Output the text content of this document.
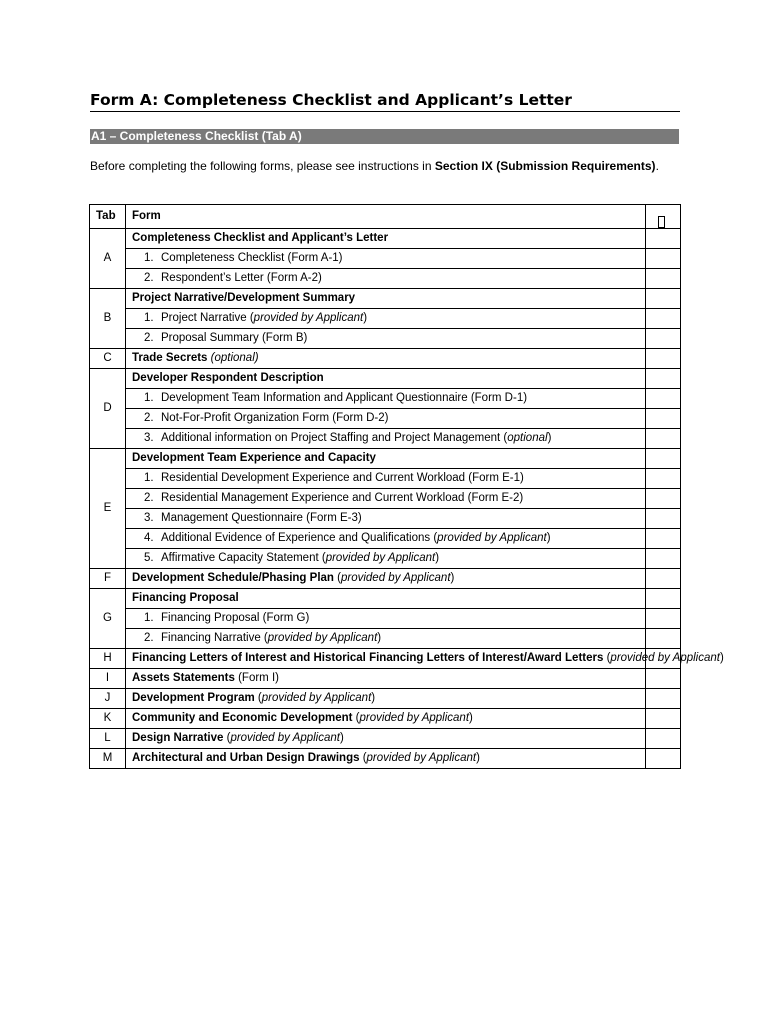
Form A: Completeness Checklist and Applicant’s Letter
A1 – Completeness Checklist (Tab A)
Before completing the following forms, please see instructions in Section IX (Submission Requirements).
Tab	Form	

A	Completeness Checklist and Applicant’s Letter	
	1. Completeness Checklist (Form A-1)	
	2. Respondent’s Letter (Form A-2)	
B	Project Narrative/Development Summary	
	1. Project Narrative (provided by Applicant)	
	2. Proposal Summary (Form B)	
C	Trade Secrets (optional)	
D	Developer Respondent Description	
	1. Development Team Information and Applicant Questionnaire (Form D-1)	
	2. Not-For-Profit Organization Form (Form D-2)	
	3. Additional information on Project Staffing and Project Management (optional)	
E	Development Team Experience and Capacity	
	1. Residential Development Experience and Current Workload (Form E-1)	
	2. Residential Management Experience and Current Workload (Form E-2)	
	3. Management Questionnaire (Form E-3)	
	4. Additional Evidence of Experience and Qualifications (provided by Applicant)	
	5. Affirmative Capacity Statement (provided by Applicant)	
F	Development Schedule/Phasing Plan (provided by Applicant)	
G	Financing Proposal	
	1. Financing Proposal (Form G)	
	2. Financing Narrative (provided by Applicant)	
H	Financing Letters of Interest and Historical Financing Letters of Interest/Award Letters (provided by Applicant)	
I	Assets Statements (Form I)	
J	Development Program (provided by Applicant)	
K	Community and Economic Development (provided by Applicant)	
L	Design Narrative (provided by Applicant)	
M	Architectural and Urban Design Drawings (provided by Applicant)	
